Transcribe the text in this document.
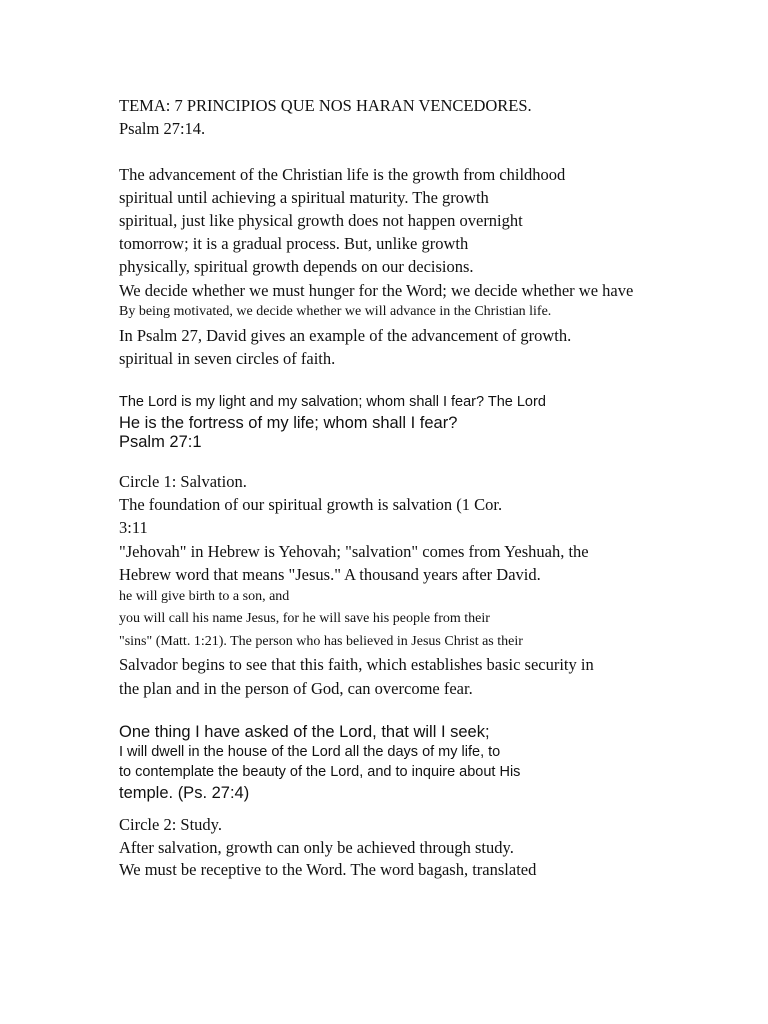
TEMA: 7 PRINCIPIOS QUE NOS HARAN VENCEDORES.
Psalm 27:14.
The advancement of the Christian life is the growth from childhood
spiritual until achieving a spiritual maturity. The growth
spiritual, just like physical growth does not happen overnight
tomorrow; it is a gradual process. But, unlike growth
physically, spiritual growth depends on our decisions.
We decide whether we must hunger for the Word; we decide whether we have
By being motivated, we decide whether we will advance in the Christian life.
In Psalm 27, David gives an example of the advancement of growth.
spiritual in seven circles of faith.
The Lord is my light and my salvation; whom shall I fear? The Lord
He is the fortress of my life; whom shall I fear?
Psalm 27:1
Circle 1: Salvation.
The foundation of our spiritual growth is salvation (1 Cor.
3:11
"Jehovah" in Hebrew is Yehovah; "salvation" comes from Yeshuah, the
Hebrew word that means "Jesus." A thousand years after David.
he will give birth to a son, and
you will call his name Jesus, for he will save his people from their
"sins" (Matt. 1:21). The person who has believed in Jesus Christ as their
Salvador begins to see that this faith, which establishes basic security in
the plan and in the person of God, can overcome fear.
One thing I have asked of the Lord, that will I seek;
I will dwell in the house of the Lord all the days of my life, to
to contemplate the beauty of the Lord, and to inquire about His
temple. (Ps. 27:4)
Circle 2: Study.
After salvation, growth can only be achieved through study.
We must be receptive to the Word. The word bagash, translated
